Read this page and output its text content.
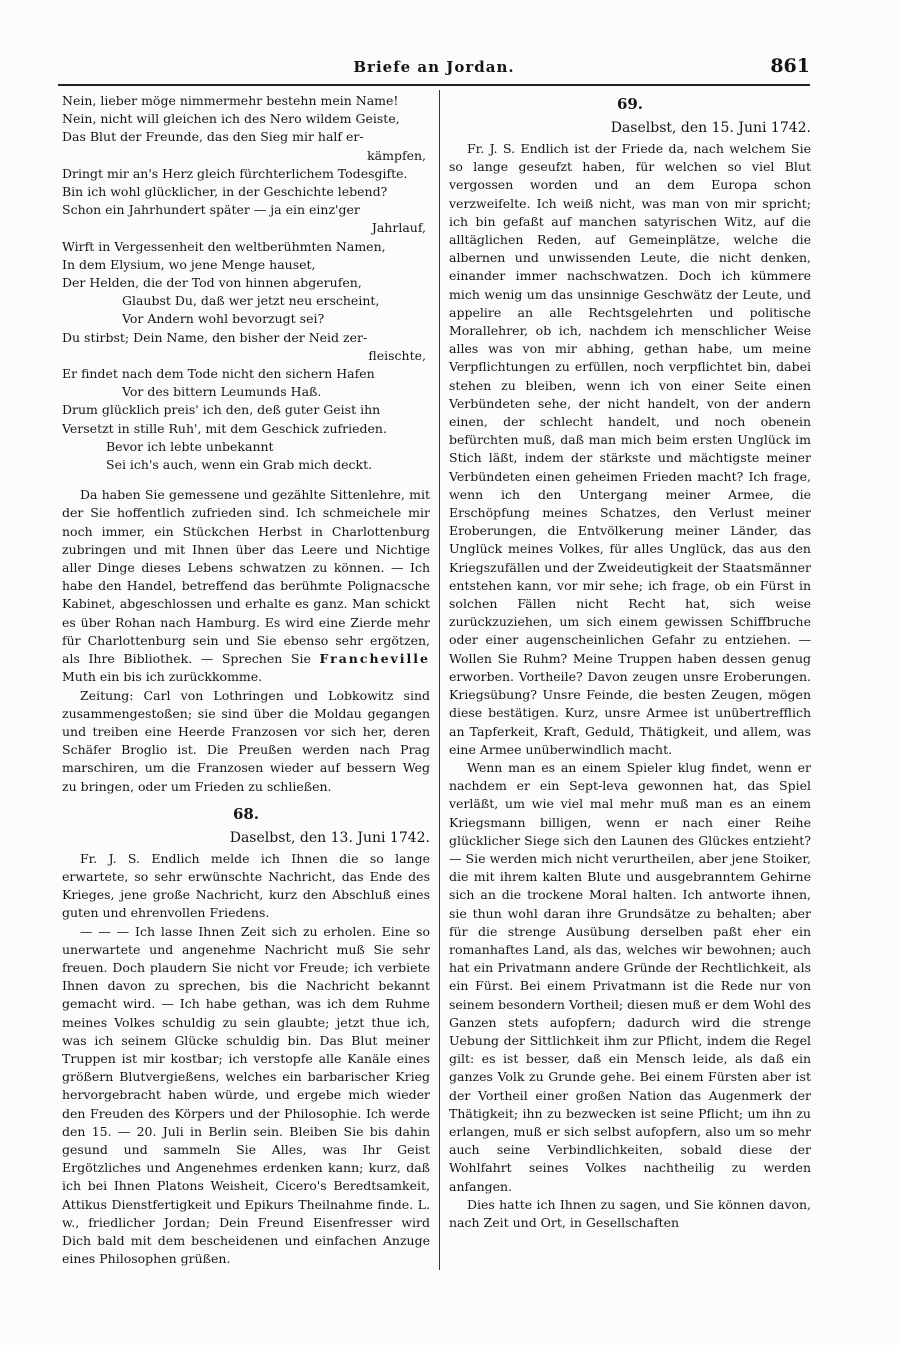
Briefe an Jordan.	861
Nein, lieber möge nimmermehr bestehn mein Name!
Nein, nicht will gleichen ich des Nero wildem Geiste,
Das Blut der Freunde, das den Sieg mir half er-
kämpfen,
Dringt mir an's Herz gleich fürchterlichem Todesgifte.
Bin ich wohl glücklicher, in der Geschichte lebend?
Schon ein Jahrhundert später — ja ein einz'ger
Jahrlauf,
Wirft in Vergessenheit den weltberühmten Namen,
In dem Elysium, wo jene Menge hauset,
Der Helden, die der Tod von hinnen abgerufen,
Glaubst Du, daß wer jetzt neu erscheint,
Vor Andern wohl bevorzugt sei?
Du stirbst; Dein Name, den bisher der Neid zer-
fleischte,
Er findet nach dem Tode nicht den sichern Hafen
Vor des bittern Leumunds Haß.
Drum glücklich preis' ich den, deß guter Geist ihn
Versetzt in stille Ruh', mit dem Geschick zufrieden.
Bevor ich lebte unbekannt
Sei ich's auch, wenn ein Grab mich deckt.

Da haben Sie gemessene und gezählte Sittenlehre, mit der Sie hoffentlich zufrieden sind. Ich schmeichele mir noch immer, ein Stückchen Herbst in Charlottenburg zubringen und mit Ihnen über das Leere und Nichtige aller Dinge dieses Lebens schwatzen zu können. — Ich habe den Handel, betreffend das berühmte Polignacsche Kabinet, abgeschlossen und erhalte es ganz. Man schickt es über Rohan nach Hamburg. Es wird eine Zierde mehr für Charlottenburg sein und Sie ebenso sehr ergötzen, als Ihre Bibliothek. — Sprechen Sie Francheville Muth ein bis ich zurückkomme.

Zeitung: Carl von Lothringen und Lobkowitz sind zusammengestoßen; sie sind über die Moldau gegangen und treiben eine Heerde Franzosen vor sich her, deren Schäfer Broglio ist. Die Preußen werden nach Prag marschiren, um die Franzosen wieder auf bessern Weg zu bringen, oder um Frieden zu schließen.

68.
Daselbst, den 13. Juni 1742.

Fr. J. S. Endlich melde ich Ihnen die so lange erwartete, so sehr erwünschte Nachricht, das Ende des Krieges, jene große Nachricht, kurz den Abschluß eines guten und ehrenvollen Friedens.

— — — Ich lasse Ihnen Zeit sich zu erholen. Eine so unerwartete und angenehme Nachricht muß Sie sehr freuen. Doch plaudern Sie nicht vor Freude; ich verbiete Ihnen davon zu sprechen, bis die Nachricht bekannt gemacht wird. — Ich habe gethan, was ich dem Ruhme meines Volkes schuldig zu sein glaubte; jetzt thue ich, was ich seinem Glücke schuldig bin. Das Blut meiner Truppen ist mir kostbar; ich verstopfe alle Kanäle eines größern Blutvergießens, welches ein barbarischer Krieg hervorgebracht haben würde, und ergebe mich wieder den Freuden des Körpers und der Philosophie. Ich werde den 15. — 20. Juli in Berlin sein. Bleiben Sie bis dahin gesund und sammeln Sie Alles, was Ihr Geist Ergötzliches und Angenehmes erdenken kann; kurz, daß ich bei Ihnen Platons Weisheit, Cicero's Beredtsamkeit, Attikus Dienstfertigkeit und Epikurs Theilnahme finde. L. w., friedlicher Jordan; Dein Freund Eisenfresser wird Dich bald mit dem bescheidenen und einfachen Anzuge eines Philosophen grüßen.

69.
Daselbst, den 15. Juni 1742.

Fr. J. S. Endlich ist der Friede da, nach welchem Sie so lange geseufzt haben, für welchen so viel Blut vergossen worden und an dem Europa schon verzweifelte. Ich weiß nicht, was man von mir spricht; ich bin gefaßt auf manchen satyrischen Witz, auf die alltäglichen Reden, auf Gemeinplätze, welche die albernen und unwissenden Leute, die nicht denken, einander immer nachschwatzen. Doch ich kümmere mich wenig um das unsinnige Geschwätz der Leute, und appelire an alle Rechtsgelehrten und politische Morallehrer, ob ich, nachdem ich menschlicher Weise alles was von mir abhing, gethan habe, um meine Verpflichtungen zu erfüllen, noch verpflichtet bin, dabei stehen zu bleiben, wenn ich von einer Seite einen Verbündeten sehe, der nicht handelt, von der andern einen, der schlecht handelt, und noch obenein befürchten muß, daß man mich beim ersten Unglück im Stich läßt, indem der stärkste und mächtigste meiner Verbündeten einen geheimen Frieden macht? Ich frage, wenn ich den Untergang meiner Armee, die Erschöpfung meines Schatzes, den Verlust meiner Eroberungen, die Entvölkerung meiner Länder, das Unglück meines Volkes, für alles Unglück, das aus den Kriegszufällen und der Zweideutigkeit der Staatsmänner entstehen kann, vor mir sehe; ich frage, ob ein Fürst in solchen Fällen nicht Recht hat, sich weise zurückzuziehen, um sich einem gewissen Schiffbruche oder einer augenscheinlichen Gefahr zu entziehen. — Wollen Sie Ruhm? Meine Truppen haben dessen genug erworben. Vortheile? Davon zeugen unsre Eroberungen. Kriegsübung? Unsre Feinde, die besten Zeugen, mögen diese bestätigen. Kurz, unsre Armee ist unübertrefflich an Tapferkeit, Kraft, Geduld, Thätigkeit, und allem, was eine Armee unüberwindlich macht.

Wenn man es an einem Spieler klug findet, wenn er nachdem er ein Sept-leva gewonnen hat, das Spiel verläßt, um wie viel mal mehr muß man es an einem Kriegsmann billigen, wenn er nach einer Reihe glücklicher Siege sich den Launen des Glückes entzieht? — Sie werden mich nicht verurtheilen, aber jene Stoiker, die mit ihrem kalten Blute und ausgebranntem Gehirne sich an die trockene Moral halten. Ich antworte ihnen, sie thun wohl daran ihre Grundsätze zu behalten; aber für die strenge Ausübung derselben paßt eher ein romanhaftes Land, als das, welches wir bewohnen; auch hat ein Privatmann andere Gründe der Rechtlichkeit, als ein Fürst. Bei einem Privatmann ist die Rede nur von seinem besondern Vortheil; diesen muß er dem Wohl des Ganzen stets aufopfern; dadurch wird die strenge Uebung der Sittlichkeit ihm zur Pflicht, indem die Regel gilt: es ist besser, daß ein Mensch leide, als daß ein ganzes Volk zu Grunde gehe. Bei einem Fürsten aber ist der Vortheil einer großen Nation das Augenmerk der Thätigkeit; ihn zu bezwecken ist seine Pflicht; um ihn zu erlangen, muß er sich selbst aufopfern, also um so mehr auch seine Verbindlichkeiten, sobald diese der Wohlfahrt seines Volkes nachtheilig zu werden anfangen.

Dies hatte ich Ihnen zu sagen, und Sie können davon, nach Zeit und Ort, in Gesellschaften
